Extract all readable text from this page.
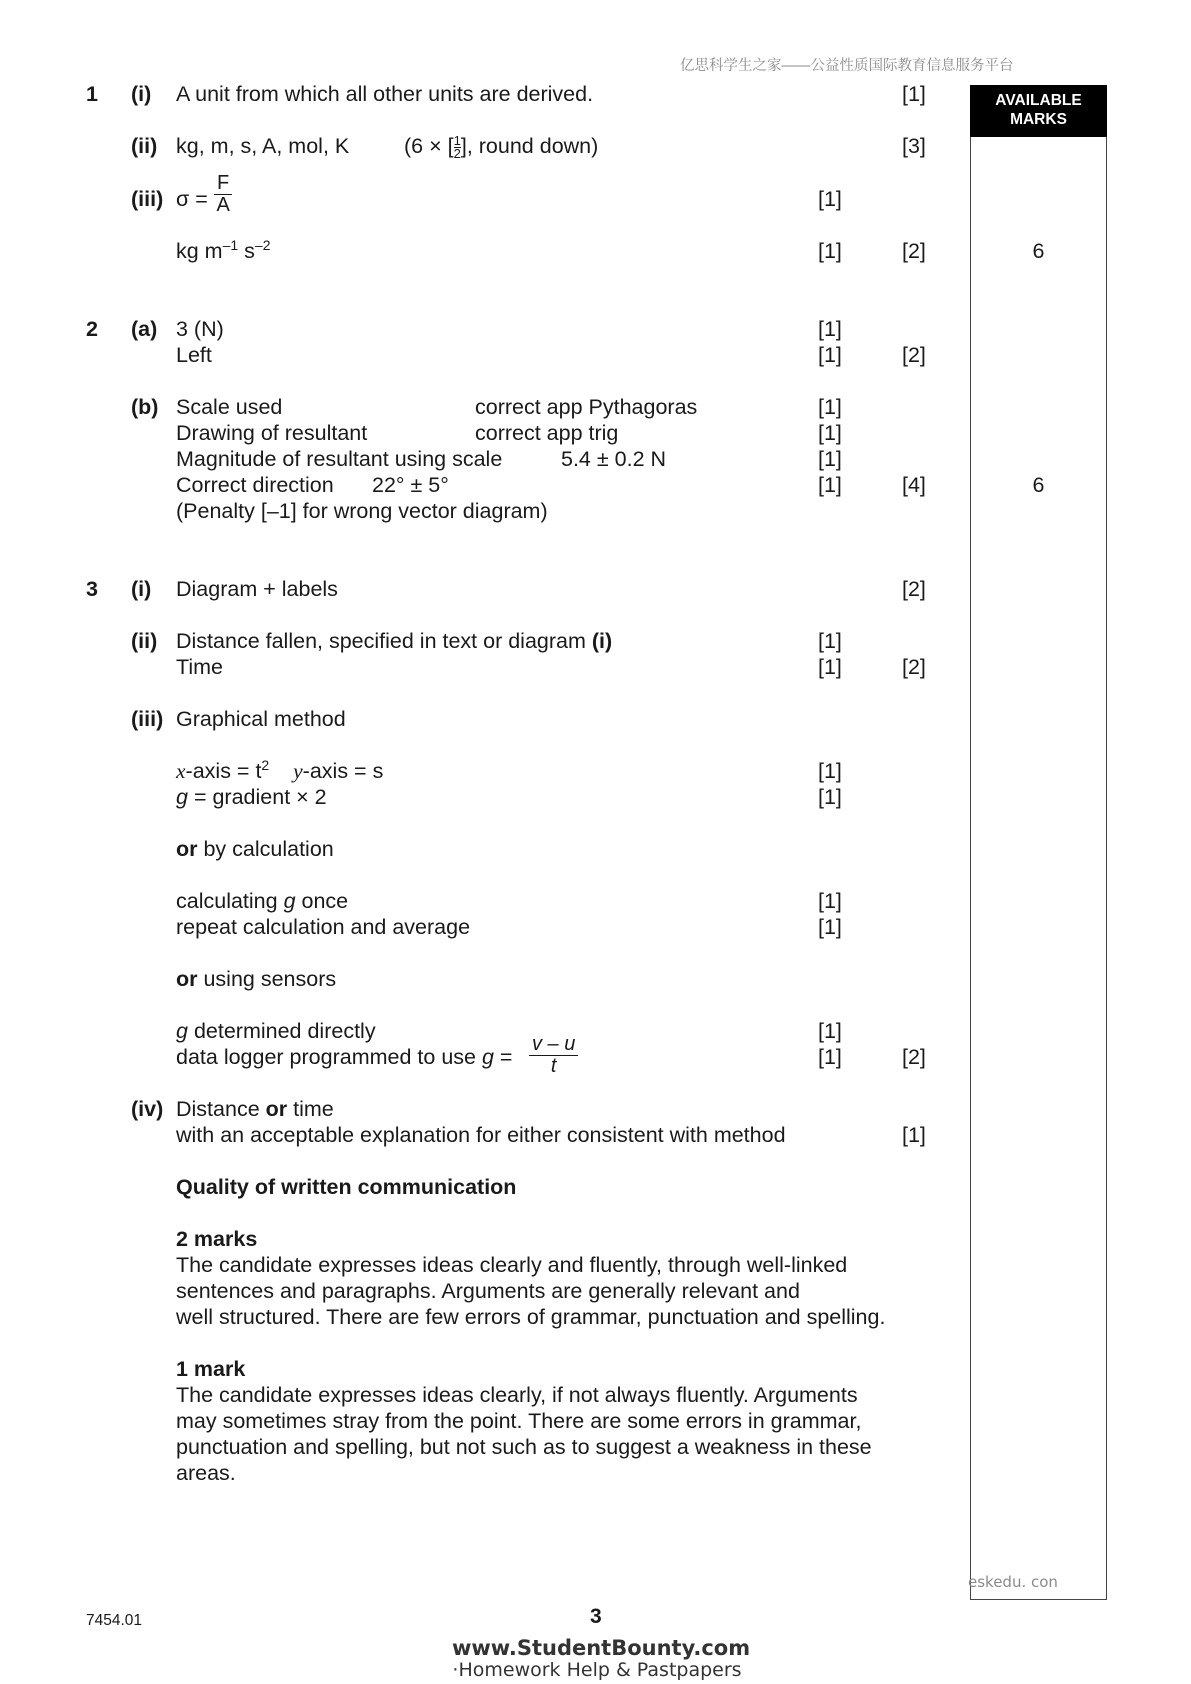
亿思科学生之家——公益性质国际教育信息服务平台
AVAILABLE
MARKS
1 (i) A unit from which all other units are derived.	[1]
(ii) kg, m, s, A, mol, K	(6 × [ $\frac{1}{2}$ ], round down)	[3]
(iii) $\sigma = \frac{F}{A}$	[1]
kg $m^{-1}$ $s^{-2}$	[1]	[2]	6
2 (a) 3 (N)	[1]
Left	[1]	[2]
(b) Scale used	correct app Pythagoras	[1]
Drawing of resultant	correct app trig	[1]
Magnitude of resultant using scale	5.4 ± 0.2 N	[1]
Correct direction 22° ± 5°	[1]	[4]	6
(Penalty [–1] for wrong vector diagram)
3 (i) Diagram + labels	[2]
(ii) Distance fallen, specified in text or diagram (i)	[1]
Time	[1]	[2]
(iii) Graphical method
x-axis = $t^2$ y-axis = s	[1]
g = gradient × 2	[1]
or by calculation
calculating g once	[1]
repeat calculation and average	[1]
or using sensors
g determined directly	[1]
data logger programmed to use $g = \frac{v - u}{t}$	[1]	[2]
(iv) Distance or time
with an acceptable explanation for either consistent with method	[1]
Quality of written communication
2 marks
The candidate expresses ideas clearly and fluently, through well-linked
sentences and paragraphs. Arguments are generally relevant and
well structured. There are few errors of grammar, punctuation and spelling.
1 mark
The candidate expresses ideas clearly, if not always fluently. Arguments
may sometimes stray from the point. There are some errors in grammar,
punctuation and spelling, but not such as to suggest a weakness in these
areas.
eskedu. con
7454.01	3
www.StudentBounty.com
·Homework Help & Pastpapers
